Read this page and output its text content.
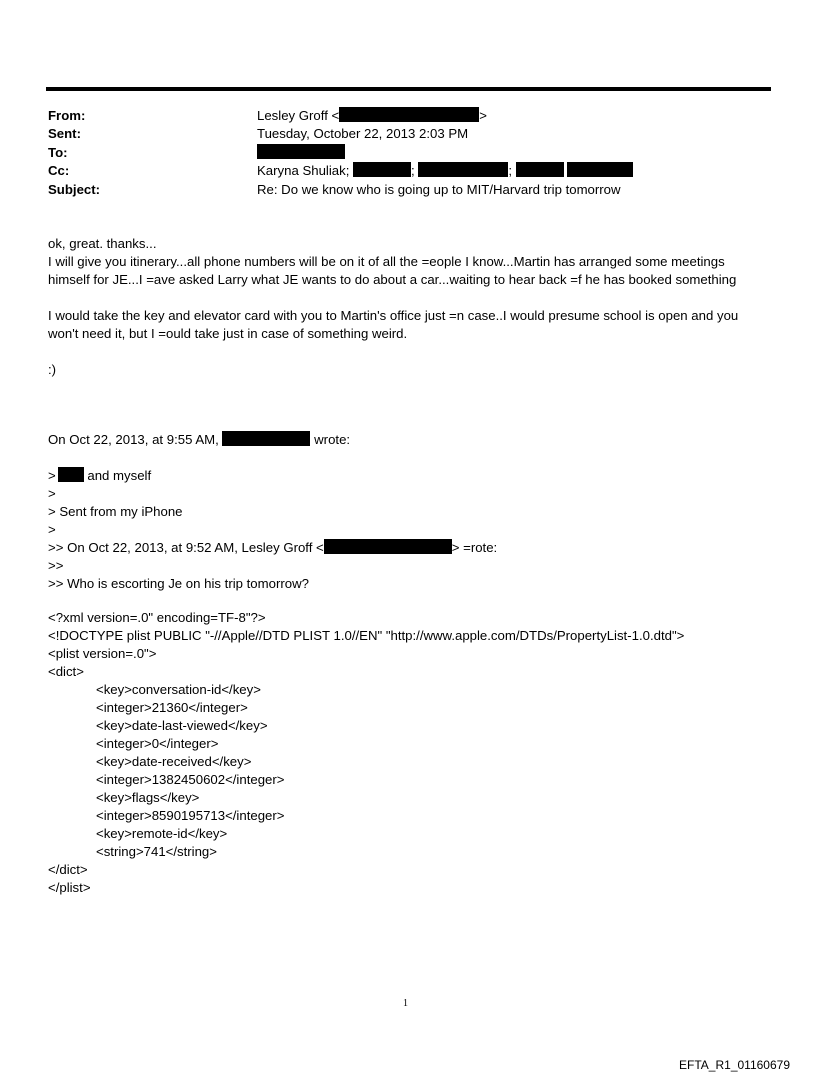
From:	Lesley Groff <	>
Sent:	Tuesday, October 22, 2013 2:03 PM
To:
Cc:	Karyna Shuliak;	;	;
Subject:	Re: Do we know who is going up to MIT/Harvard trip tomorrow
ok, great. thanks...
I will give you itinerary...all phone numbers will be on it of all the =eople I know...Martin has arranged some meetings
himself for JE...I =ave asked Larry what JE wants to do about a car...waiting to hear back =f he has booked something
I would take the key and elevator card with you to Martin's office just =n case..I would presume school is open and you
won't need it, but I =ould take just in case of something weird.
:)
On Oct 22, 2013, at 9:55 AM,	wrote:
> and myself
>
> Sent from my iPhone
>
>> On Oct 22, 2013, at 9:52 AM, Lesley Groff <	> =rote:
>>
>> Who is escorting Je on his trip tomorrow?
<?xml version=.0" encoding=TF-8"?>
<!DOCTYPE plist PUBLIC "-//Apple//DTD PLIST 1.0//EN" "http://www.apple.com/DTDs/PropertyList-1.0.dtd">
<plist version=.0">
<dict>
<key>conversation-id</key>
<integer>21360</integer>
<key>date-last-viewed</key>
<integer>0</integer>
<key>date-received</key>
<integer>1382450602</integer>
<key>flags</key>
<integer>8590195713</integer>
<key>remote-id</key>
<string>741</string>
</dict>
</plist>
1
EFTA_R1_01160679
